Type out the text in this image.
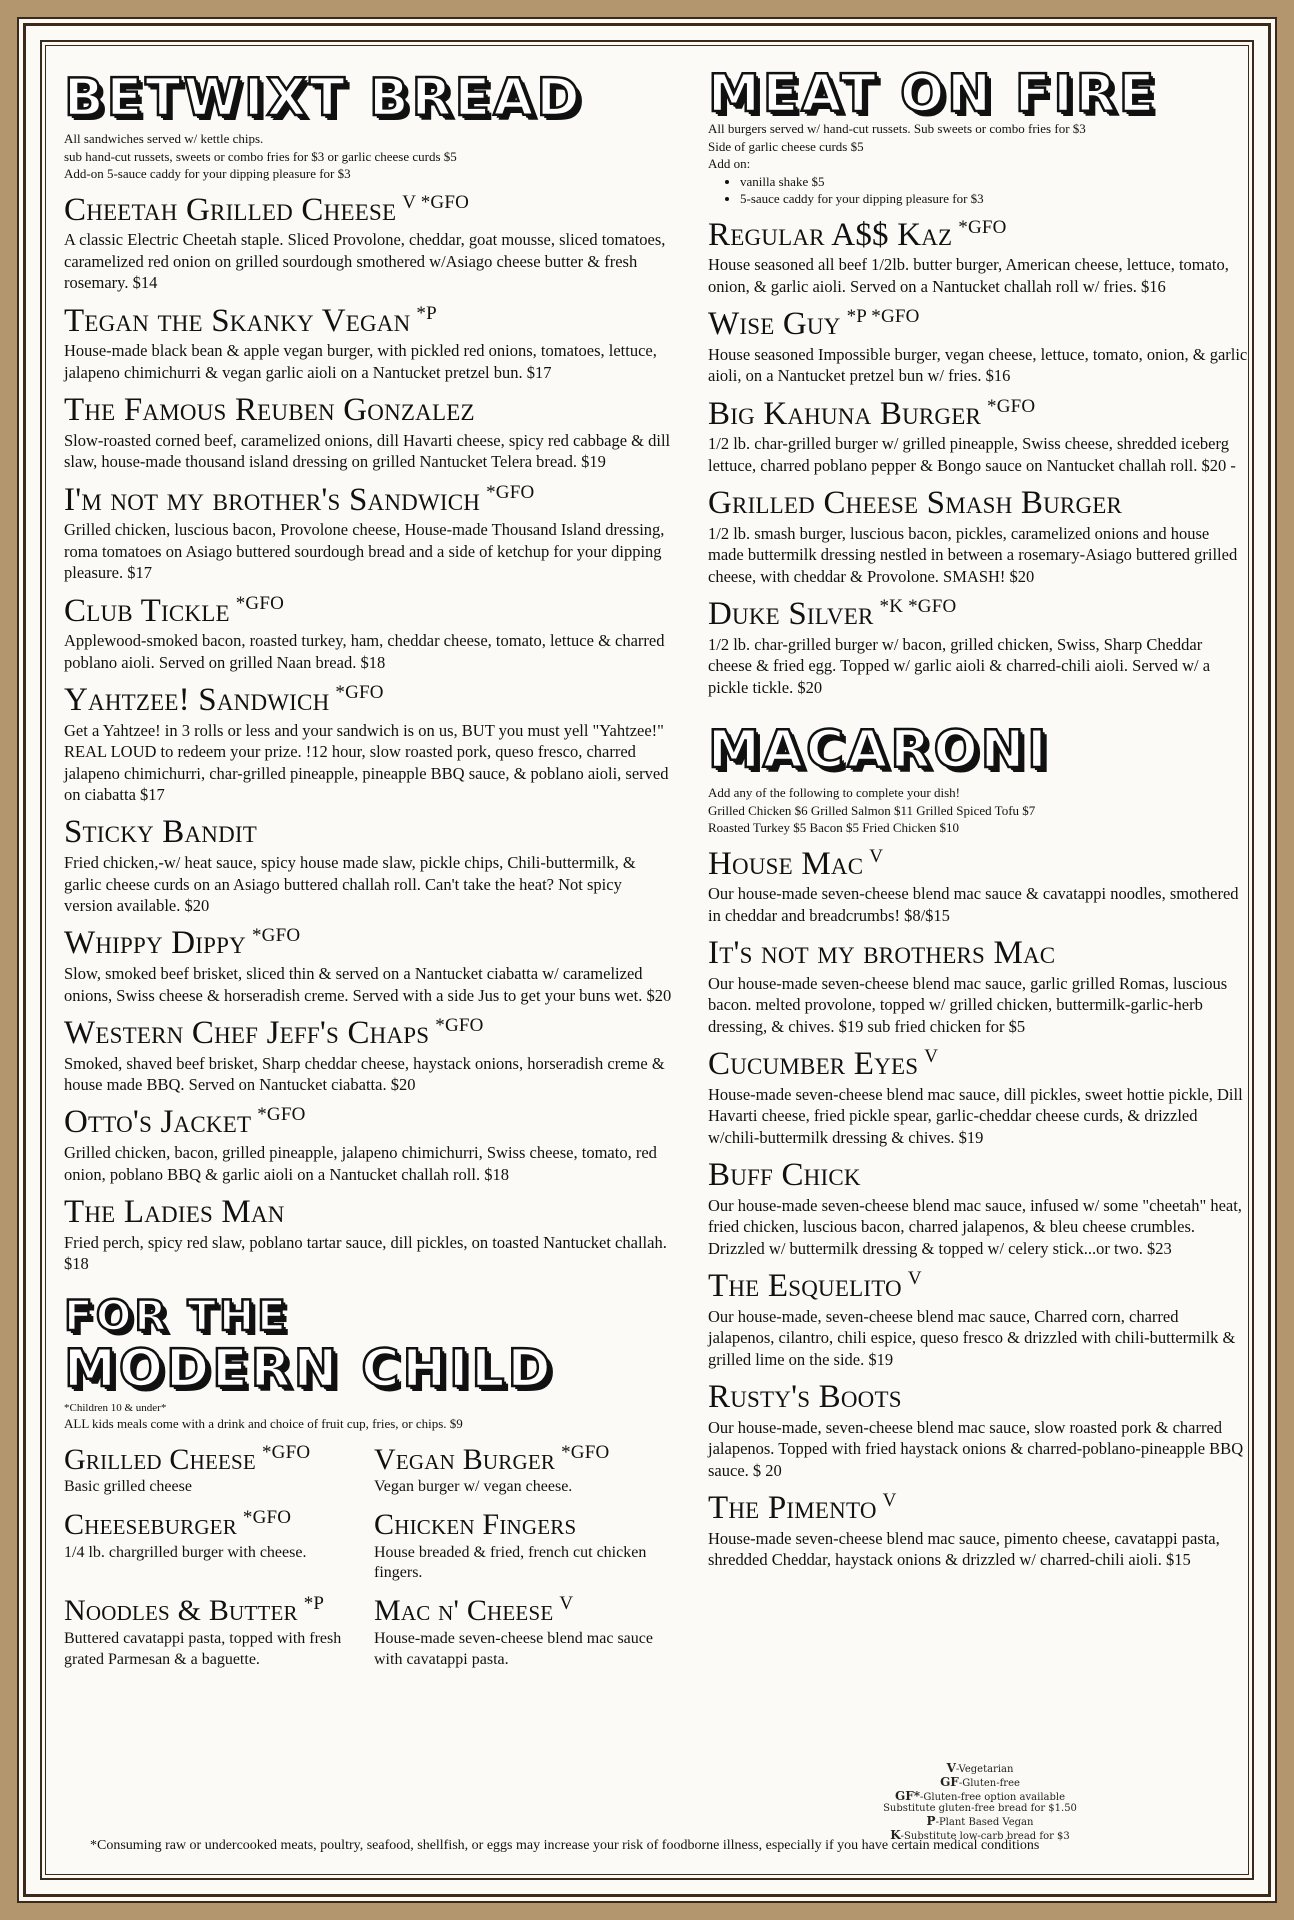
BETWIXT BREAD
All sandwiches served w/ kettle chips.
sub hand-cut russets, sweets or combo fries for $3 or garlic cheese curds $5
Add-on 5-sauce caddy for your dipping pleasure for $3
Cheetah Grilled Cheese $^{V *GFO}$
A classic Electric Cheetah staple. Sliced Provolone, cheddar, goat mousse, sliced tomatoes, caramelized red onion on grilled sourdough smothered w/Asiago cheese butter & fresh rosemary. $14
Tegan the Skanky Vegan $^{*P}$
House-made black bean & apple vegan burger, with pickled red onions, tomatoes, lettuce, jalapeno chimichurri & vegan garlic aioli on a Nantucket pretzel bun. $17
The Famous Reuben Gonzalez
Slow-roasted corned beef, caramelized onions, dill Havarti cheese, spicy red cabbage & dill slaw, house-made thousand island dressing on grilled Nantucket Telera bread. $19
I'm not my brother's Sandwich $^{*GFO}$
Grilled chicken, luscious bacon, Provolone cheese, House-made Thousand Island dressing, roma tomatoes on Asiago buttered sourdough bread and a side of ketchup for your dipping pleasure. $17
Club Tickle $^{*GFO}$
Applewood-smoked bacon, roasted turkey, ham, cheddar cheese, tomato, lettuce & charred poblano aioli. Served on grilled Naan bread. $18
Yahtzee! Sandwich $^{*GFO}$
Get a Yahtzee! in 3 rolls or less and your sandwich is on us, BUT you must yell "Yahtzee!" REAL LOUD to redeem your prize. !12 hour, slow roasted pork, queso fresco, charred jalapeno chimichurri, char-grilled pineapple, pineapple BBQ sauce, & poblano aioli, served on ciabatta $17
Sticky Bandit
Fried chicken,-w/ heat sauce, spicy house made slaw, pickle chips, Chili-buttermilk, & garlic cheese curds on an Asiago buttered challah roll. Can't take the heat? Not spicy version available. $20
Whippy Dippy $^{*GFO}$
Slow, smoked beef brisket, sliced thin & served on a Nantucket ciabatta w/ caramelized onions, Swiss cheese & horseradish creme. Served with a side Jus to get your buns wet. $20
Western Chef Jeff's Chaps $^{*GFO}$
Smoked, shaved beef brisket, Sharp cheddar cheese, haystack onions, horseradish creme & house made BBQ. Served on Nantucket ciabatta. $20
Otto's Jacket $^{*GFO}$
Grilled chicken, bacon, grilled pineapple, jalapeno chimichurri, Swiss cheese, tomato, red onion, poblano BBQ & garlic aioli on a Nantucket challah roll. $18
The Ladies Man
Fried perch, spicy red slaw, poblano tartar sauce, dill pickles, on toasted Nantucket challah. $18
FOR THE
MODERN CHILD
*Children 10 & under*
ALL kids meals come with a drink and choice of fruit cup, fries, or chips. $9
Grilled Cheese $^{*GFO}$
Basic grilled cheese
Vegan Burger $^{*GFO}$
Vegan burger w/ vegan cheese.
Cheeseburger $^{*GFO}$
1/4 lb. chargrilled burger with cheese.
Chicken Fingers
House breaded & fried, french cut chicken fingers.
Noodles & Butter $^{*P}$
Buttered cavatappi pasta, topped with fresh grated Parmesan & a baguette.
Mac n' Cheese $^V$
House-made seven-cheese blend mac sauce with cavatappi pasta.
MEAT ON FIRE
All burgers served w/ hand-cut russets. Sub sweets or combo fries for $3
Side of garlic cheese curds $5
Add on:
• vanilla shake $5
• 5-sauce caddy for your dipping pleasure for $3
Regular A$$ Kaz $^{*GFO}$
House seasoned all beef 1/2lb. butter burger, American cheese, lettuce, tomato, onion, & garlic aioli. Served on a Nantucket challah roll w/ fries. $16
Wise Guy $^{*P *GFO}$
House seasoned Impossible burger, vegan cheese, lettuce, tomato, onion, & garlic aioli, on a Nantucket pretzel bun w/ fries. $16
Big Kahuna Burger $^{*GFO}$
1/2 lb. char-grilled burger w/ grilled pineapple, Swiss cheese, shredded iceberg lettuce, charred poblano pepper & Bongo sauce on Nantucket challah roll. $20 -
Grilled Cheese Smash Burger
1/2 lb. smash burger, luscious bacon, pickles, caramelized onions and house made buttermilk dressing nestled in between a rosemary-Asiago buttered grilled cheese, with cheddar & Provolone. SMASH! $20
Duke Silver $^{*K *GFO}$
1/2 lb. char-grilled burger w/ bacon, grilled chicken, Swiss, Sharp Cheddar cheese & fried egg. Topped w/ garlic aioli & charred-chili aioli. Served w/ a pickle tickle. $20
MACARONI
Add any of the following to complete your dish!
Grilled Chicken $6 Grilled Salmon $11 Grilled Spiced Tofu $7
Roasted Turkey $5 Bacon $5 Fried Chicken $10
House Mac $^V$
Our house-made seven-cheese blend mac sauce & cavatappi noodles, smothered in cheddar and breadcrumbs! $8/$15
It's not my brothers Mac
Our house-made seven-cheese blend mac sauce, garlic grilled Romas, luscious bacon. melted provolone, topped w/ grilled chicken, buttermilk-garlic-herb dressing, & chives. $19 sub fried chicken for $5
Cucumber Eyes $^V$
House-made seven-cheese blend mac sauce, dill pickles, sweet hottie pickle, Dill Havarti cheese, fried pickle spear, garlic-cheddar cheese curds, & drizzled w/chili-buttermilk dressing & chives. $19
Buff Chick
Our house-made seven-cheese blend mac sauce, infused w/ some "cheetah" heat, fried chicken, luscious bacon, charred jalapenos, & bleu cheese crumbles. Drizzled w/ buttermilk dressing & topped w/ celery stick...or two. $23
The Esquelito $^V$
Our house-made, seven-cheese blend mac sauce, Charred corn, charred jalapenos, cilantro, chili espice, queso fresco & drizzled with chili-buttermilk & grilled lime on the side. $19
Rusty's Boots
Our house-made, seven-cheese blend mac sauce, slow roasted pork & charred jalapenos. Topped with fried haystack onions & charred-poblano-pineapple BBQ sauce. $ 20
The Pimento $^V$
House-made seven-cheese blend mac sauce, pimento cheese, cavatappi pasta, shredded Cheddar, haystack onions & drizzled w/ charred-chili aioli. $15
V-Vegetarian
GF-Gluten-free
GF*-Gluten-free option available
Substitute gluten-free bread for $1.50
P-Plant Based Vegan
K-Substitute low-carb bread for $3
*Consuming raw or undercooked meats, poultry, seafood, shellfish, or eggs may increase your risk of foodborne illness, especially if you have certain medical conditions
